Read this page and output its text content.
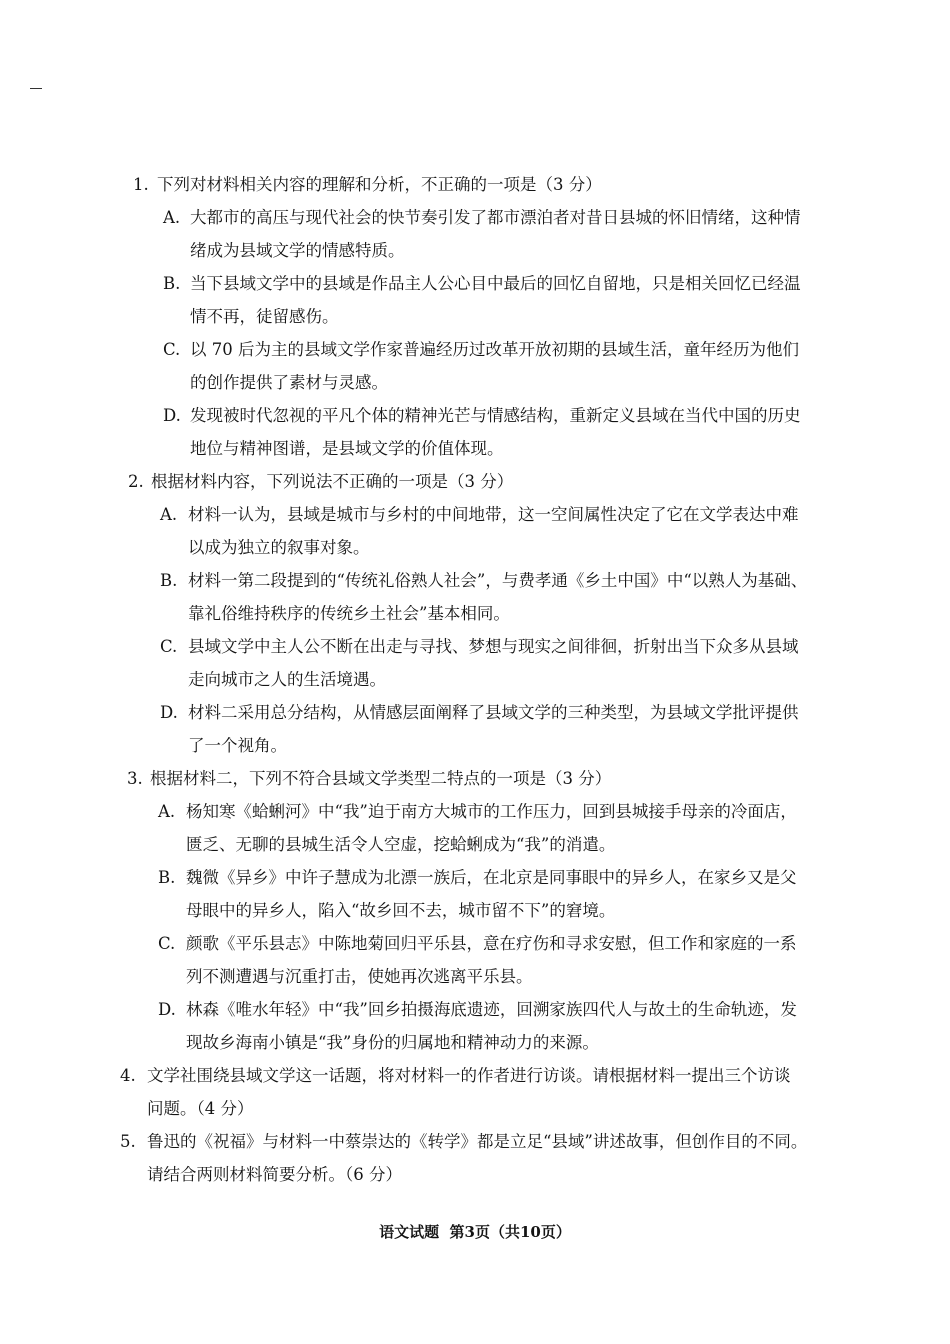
1. 下列对材料相关内容的理解和分析，不正确的一项是（3 分）
A. 大都市的高压与现代社会的快节奏引发了都市漂泊者对昔日县城的怀旧情绪，这种情
绪成为县域文学的情感特质。
B. 当下县域文学中的县域是作品主人公心目中最后的回忆自留地，只是相关回忆已经温
情不再，徒留感伤。
C. 以 70 后为主的县域文学作家普遍经历过改革开放初期的县域生活，童年经历为他们
的创作提供了素材与灵感。
D. 发现被时代忽视的平凡个体的精神光芒与情感结构，重新定义县域在当代中国的历史
地位与精神图谱，是县域文学的价值体现。
2. 根据材料内容，下列说法不正确的一项是（3 分）
A. 材料一认为，县域是城市与乡村的中间地带，这一空间属性决定了它在文学表达中难
以成为独立的叙事对象。
B. 材料一第二段提到的“传统礼俗熟人社会”，与费孝通《乡土中国》中“以熟人为基础、
靠礼俗维持秩序的传统乡土社会”基本相同。
C. 县域文学中主人公不断在出走与寻找、梦想与现实之间徘徊，折射出当下众多从县域
走向城市之人的生活境遇。
D. 材料二采用总分结构，从情感层面阐释了县域文学的三种类型，为县域文学批评提供
了一个视角。
3. 根据材料二，下列不符合县域文学类型二特点的一项是（3 分）
A. 杨知寒《蛤蜊河》中“我”迫于南方大城市的工作压力，回到县城接手母亲的冷面店，
匮乏、无聊的县城生活令人空虚，挖蛤蜊成为“我”的消遣。
B. 魏微《异乡》中许子慧成为北漂一族后，在北京是同事眼中的异乡人，在家乡又是父
母眼中的异乡人，陷入“故乡回不去，城市留不下”的窘境。
C. 颜歌《平乐县志》中陈地菊回归平乐县，意在疗伤和寻求安慰，但工作和家庭的一系
列不测遭遇与沉重打击，使她再次逃离平乐县。
D. 林森《唯水年轻》中“我”回乡拍摄海底遗迹，回溯家族四代人与故土的生命轨迹，发
现故乡海南小镇是“我”身份的归属地和精神动力的来源。
4. 文学社围绕县域文学这一话题，将对材料一的作者进行访谈。请根据材料一提出三个访谈
问题。（4 分）
5. 鲁迅的《祝福》与材料一中蔡崇达的《转学》都是立足“县域”讲述故事，但创作目的不同。
请结合两则材料简要分析。（6 分）
语文试题  第3页（共10页）
